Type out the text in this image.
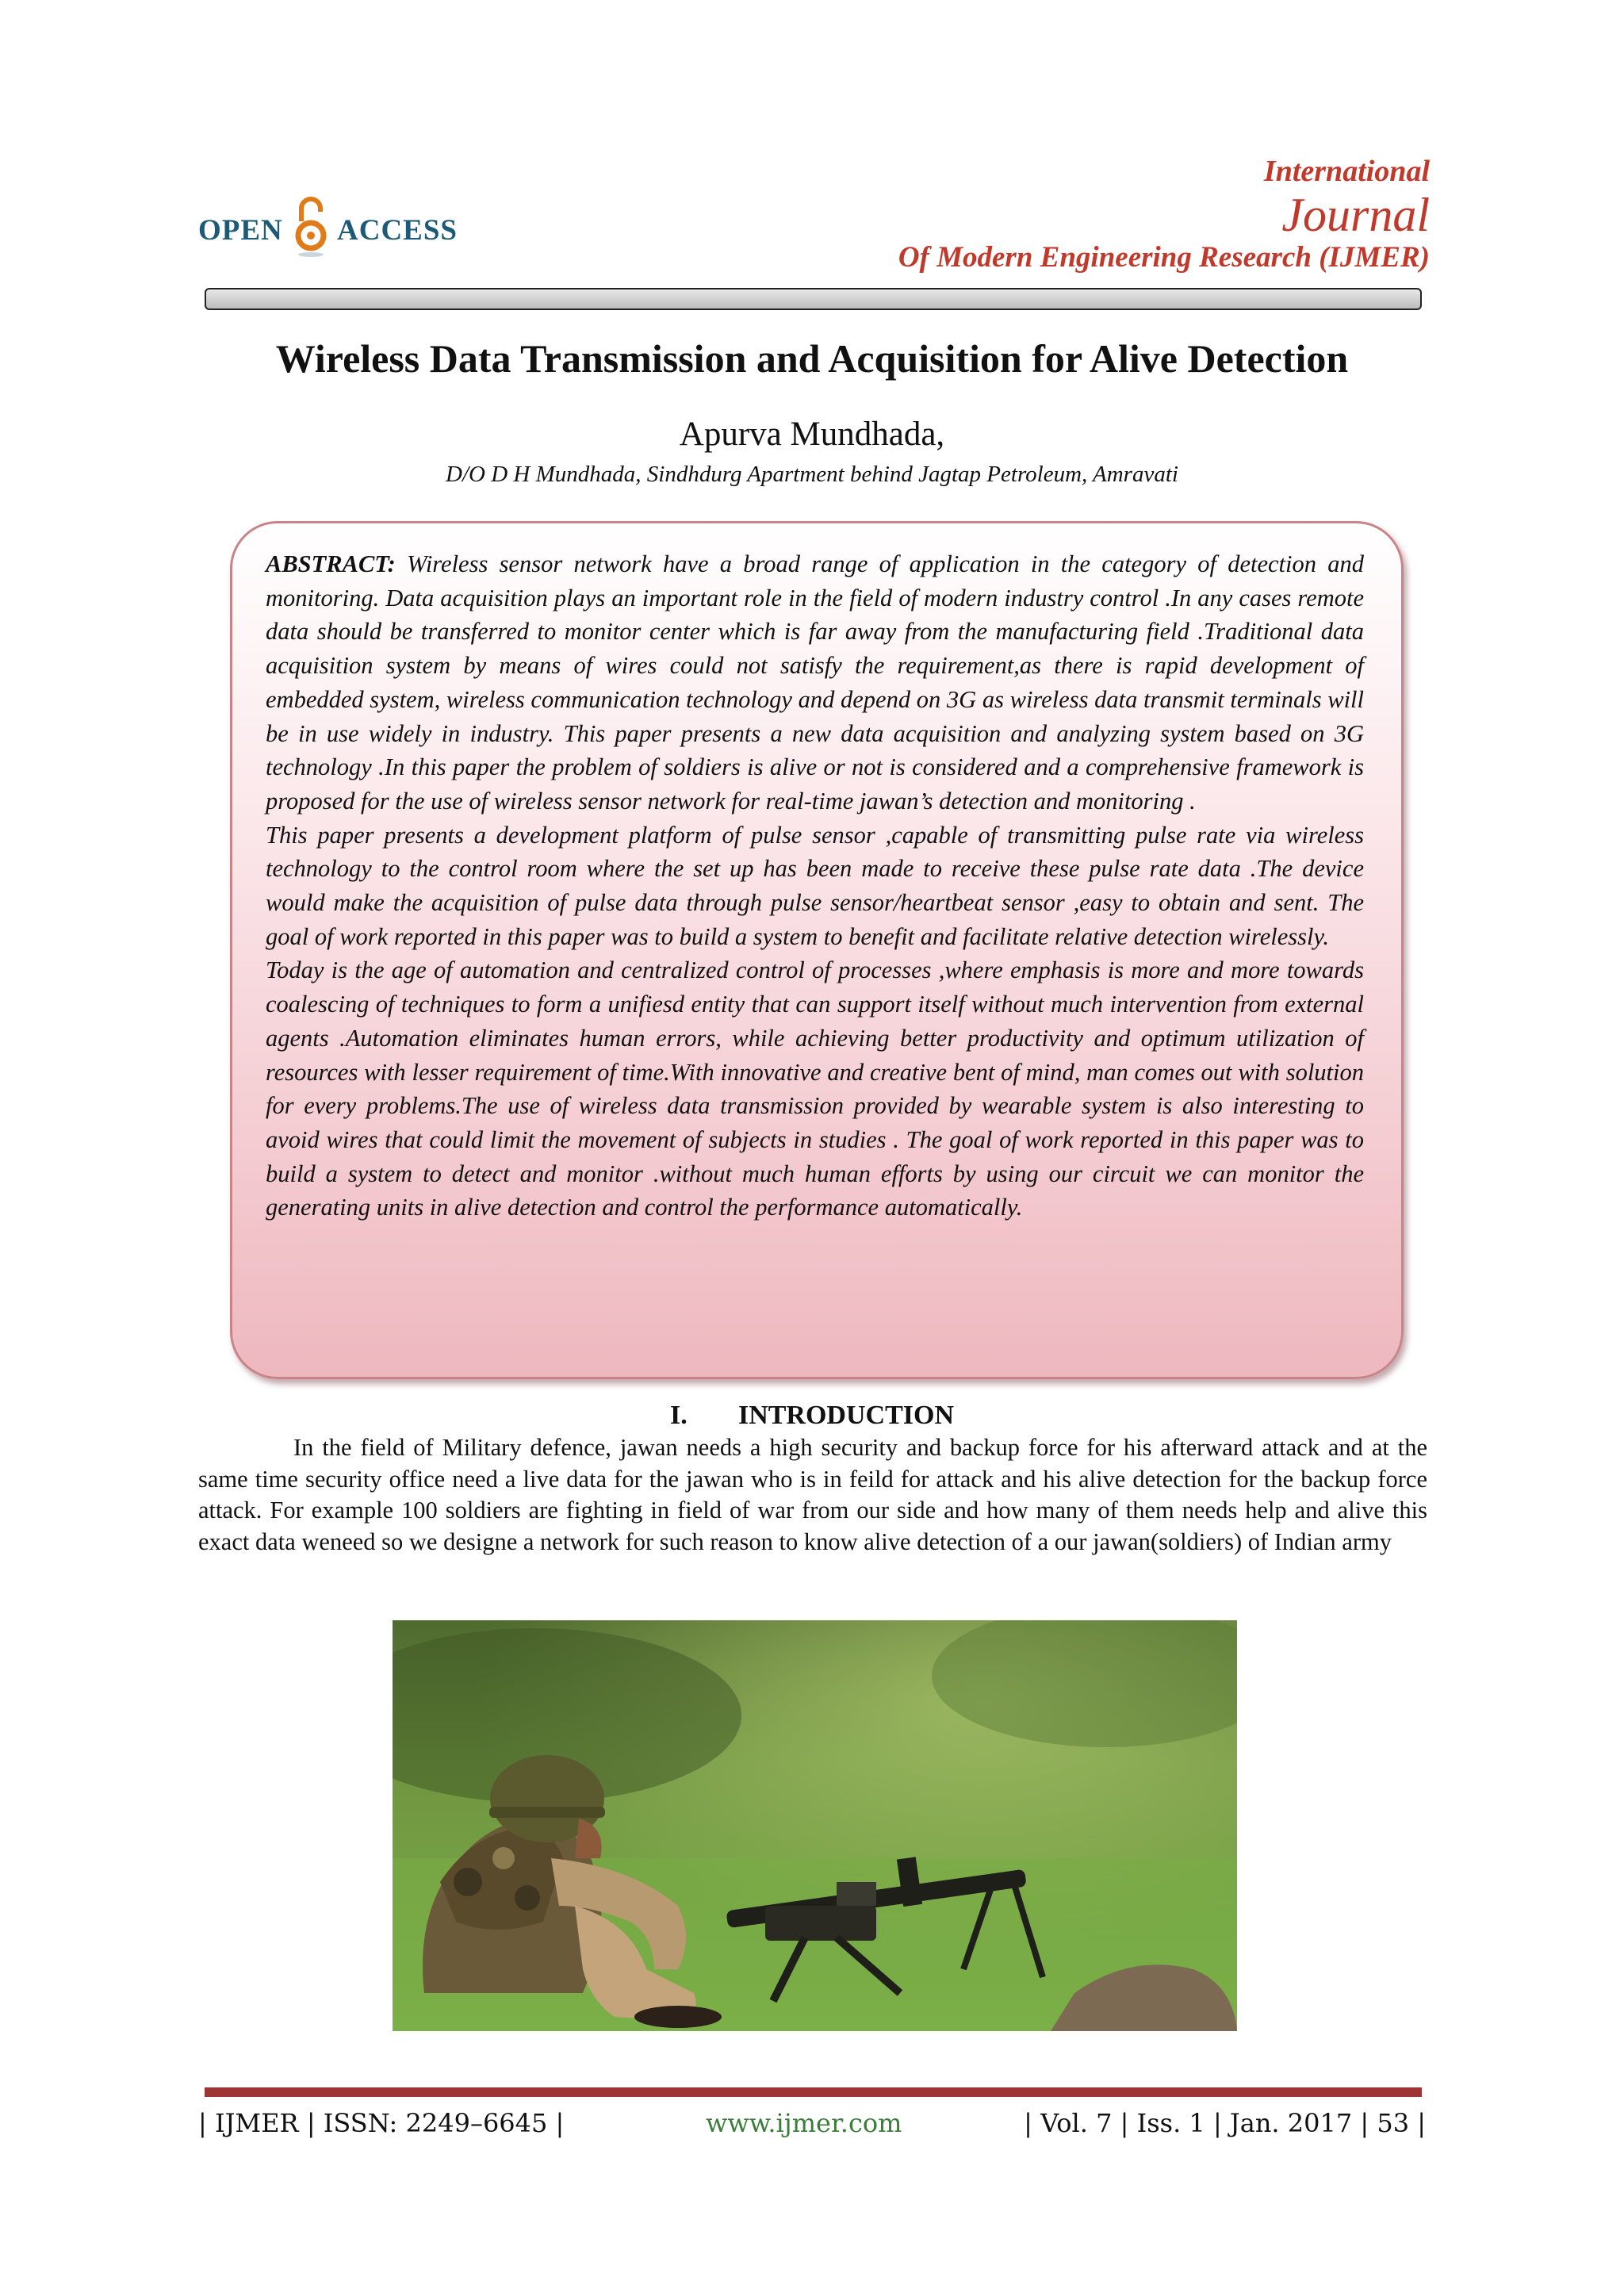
OPEN ACCESS
International
Journal
Of Modern Engineering Research (IJMER)
Wireless Data Transmission and Acquisition for Alive Detection
Apurva Mundhada,
D/O D H Mundhada, Sindhdurg Apartment behind Jagtap Petroleum, Amravati

ABSTRACT: Wireless sensor network have a broad range of application in the category of detection and monitoring. Data acquisition plays an important role in the field of modern industry control .In any cases remote data should be transferred to monitor center which is far away from the manufacturing field .Traditional data acquisition system by means of wires could not satisfy the requirement,as there is rapid development of embedded system, wireless communication technology and depend on 3G as wireless data transmit terminals will be in use widely in industry. This paper presents a new data acquisition and analyzing system based on 3G technology .In this paper the problem of soldiers is alive or not is considered and a comprehensive framework is proposed for the use of wireless sensor network for real-time jawan’s detection and monitoring .

This paper presents a development platform of pulse sensor ,capable of transmitting pulse rate via wireless technology to the control room where the set up has been made to receive these pulse rate data .The device would make the acquisition of pulse data through pulse sensor/heartbeat sensor ,easy to obtain and sent. The goal of work reported in this paper was to build a system to benefit and facilitate relative detection wirelessly.

Today is the age of automation and centralized control of processes ,where emphasis is more and more towards coalescing of techniques to form a unifiesd entity that can support itself without much intervention from external agents .Automation eliminates human errors, while achieving better productivity and optimum utilization of resources with lesser requirement of time.With innovative and creative bent of mind, man comes out with solution for every problems.The use of wireless data transmission provided by wearable system is also interesting to avoid wires that could limit the movement of subjects in studies . The goal of work reported in this paper was to build a system to detect and monitor .without much human efforts by using our circuit we can monitor the generating units in alive detection and control the performance automatically.

I. INTRODUCTION

In the field of Military defence, jawan needs a high security and backup force for his afterward attack and at the same time security office need a live data for the jawan who is in feild for attack and his alive detection for the backup force attack. For example 100 soldiers are fighting in field of war from our side and how many of them needs help and alive this exact data weneed so we designe a network for such reason to know alive detection of a our jawan(soldiers) of Indian army

| IJMER | ISSN: 2249–6645 |	www.ijmer.com	| Vol. 7 | Iss. 1 | Jan. 2017 | 53 |
